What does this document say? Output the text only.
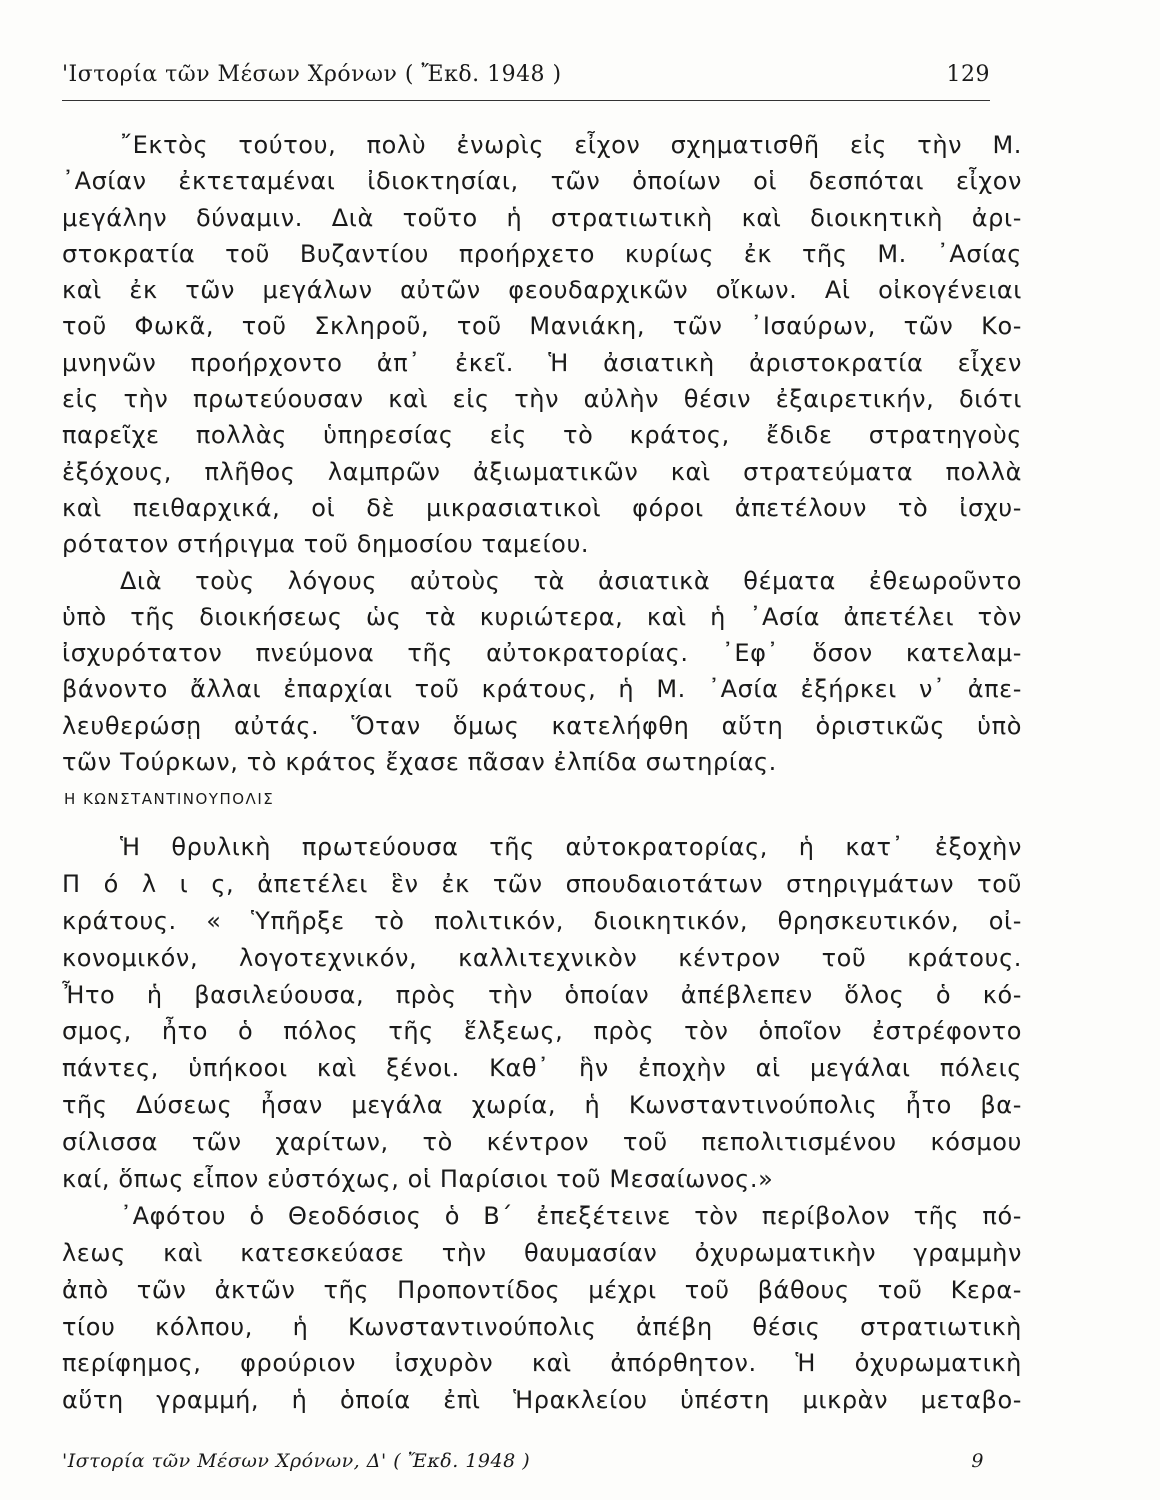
'Ιστορία τῶν Μέσων Χρόνων ( Ἔκδ. 1948 )	129
῎Εκτὸς τούτου, πολὺ ἐνωρὶς εἶχον σχηματισθῆ εἰς τὴν Μ.
᾿Ασίαν ἐκτεταμέναι ἰδιοκτησίαι, τῶν ὁποίων οἱ δεσπόται εἶχον
μεγάλην δύναμιν. Διὰ τοῦτο ἡ στρατιωτικὴ καὶ διοικητικὴ ἀρι-
στοκρατία τοῦ Βυζαντίου προήρχετο κυρίως ἐκ τῆς Μ. ᾿Ασίας
καὶ ἐκ τῶν μεγάλων αὐτῶν φεουδαρχικῶν οἴκων. Αἱ οἰκογένειαι
τοῦ Φωκᾶ, τοῦ Σκληροῦ, τοῦ Μανιάκη, τῶν ᾿Ισαύρων, τῶν Κο-
μνηνῶν προήρχοντο ἀπ᾿ ἐκεῖ. Ἡ ἀσιατικὴ ἀριστοκρατία εἶχεν
εἰς τὴν πρωτεύουσαν καὶ εἰς τὴν αὐλὴν θέσιν ἐξαιρετικήν, διότι
παρεῖχε πολλὰς ὑπηρεσίας εἰς τὸ κράτος, ἔδιδε στρατηγοὺς
ἐξόχους, πλῆθος λαμπρῶν ἀξιωματικῶν καὶ στρατεύματα πολλὰ
καὶ πειθαρχικά, οἱ δὲ μικρασιατικοὶ φόροι ἀπετέλουν τὸ ἰσχυ-
ρότατον στήριγμα τοῦ δημοσίου ταμείου.
Διὰ τοὺς λόγους αὐτοὺς τὰ ἀσιατικὰ θέματα ἐθεωροῦντο
ὑπὸ τῆς διοικήσεως ὡς τὰ κυριώτερα, καὶ ἡ ᾿Ασία ἀπετέλει τὸν
ἰσχυρότατον πνεύμονα τῆς αὐτοκρατορίας. ᾿Εφ᾿ ὅσον κατελαμ-
βάνοντο ἄλλαι ἐπαρχίαι τοῦ κράτους, ἡ Μ. ᾿Ασία ἐξήρκει ν᾿ ἀπε-
λευθερώσῃ αὐτάς. Ὅταν ὅμως κατελήφθη αὕτη ὁριστικῶς ὑπὸ
τῶν Τούρκων, τὸ κράτος ἔχασε πᾶσαν ἐλπίδα σωτηρίας.
Η ΚΩΝΣΤΑΝΤΙΝΟΥΠΟΛΙΣ
Ἡ θρυλικὴ πρωτεύουσα τῆς αὐτοκρατορίας, ἡ κατ᾿ ἐξοχὴν
Π ό λ ι ς, ἀπετέλει ἓν ἐκ τῶν σπουδαιοτάτων στηριγμάτων τοῦ
κράτους. « Ὑπῆρξε τὸ πολιτικόν, διοικητικόν, θρησκευτικόν, οἰ-
κονομικόν, λογοτεχνικόν, καλλιτεχνικὸν κέντρον τοῦ κράτους.
Ἦτο ἡ βασιλεύουσα, πρὸς τὴν ὁποίαν ἀπέβλεπεν ὅλος ὁ κό-
σμος, ἦτο ὁ πόλος τῆς ἕλξεως, πρὸς τὸν ὁποῖον ἐστρέφοντο
πάντες, ὑπήκοοι καὶ ξένοι. Καθ᾿ ἣν ἐποχὴν αἱ μεγάλαι πόλεις
τῆς Δύσεως ἦσαν μεγάλα χωρία, ἡ Κωνσταντινούπολις ἦτο βα-
σίλισσα τῶν χαρίτων, τὸ κέντρον τοῦ πεπολιτισμένου κόσμου
καί, ὅπως εἶπον εὐστόχως, οἱ Παρίσιοι τοῦ Μεσαίωνος.»
᾿Αφότου ὁ Θεοδόσιος ὁ Β΄ ἐπεξέτεινε τὸν περίβολον τῆς πό-
λεως καὶ κατεσκεύασε τὴν θαυμασίαν ὀχυρωματικὴν γραμμὴν
ἀπὸ τῶν ἀκτῶν τῆς Προποντίδος μέχρι τοῦ βάθους τοῦ Κερα-
τίου κόλπου, ἡ Κωνσταντινούπολις ἀπέβη θέσις στρατιωτικὴ
περίφημος, φρούριον ἰσχυρὸν καὶ ἀπόρθητον. Ἡ ὀχυρωματικὴ
αὕτη γραμμή, ἡ ὁποία ἐπὶ Ἡρακλείου ὑπέστη μικρὰν μεταβο-
'Ιστορία τῶν Μέσων Χρόνων, Δ' ( Ἔκδ. 1948 )	9
